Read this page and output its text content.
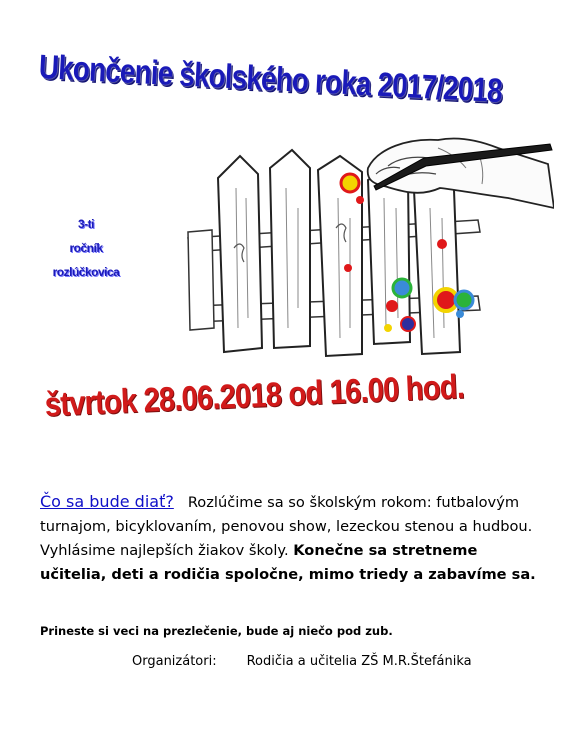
Ukončenie školského roka 2017/2018
3-ti
ročník
rozlúčkovica
štvrtok 28.06.2018 od 16.00 hod.
Čo sa bude diať? Rozlúčime sa so školským rokom: futbalovým turnajom, bicyklovaním, penovou show, lezeckou stenou a hudbou. Vyhlásime najlepších žiakov školy. Konečne sa stretneme učitelia, deti a rodičia spoločne, mimo triedy a zabavíme sa.
Prineste si veci na prezlečenie, bude aj niečo pod zub.
Organizátori: Rodičia a učitelia ZŠ M.R.Štefánika
